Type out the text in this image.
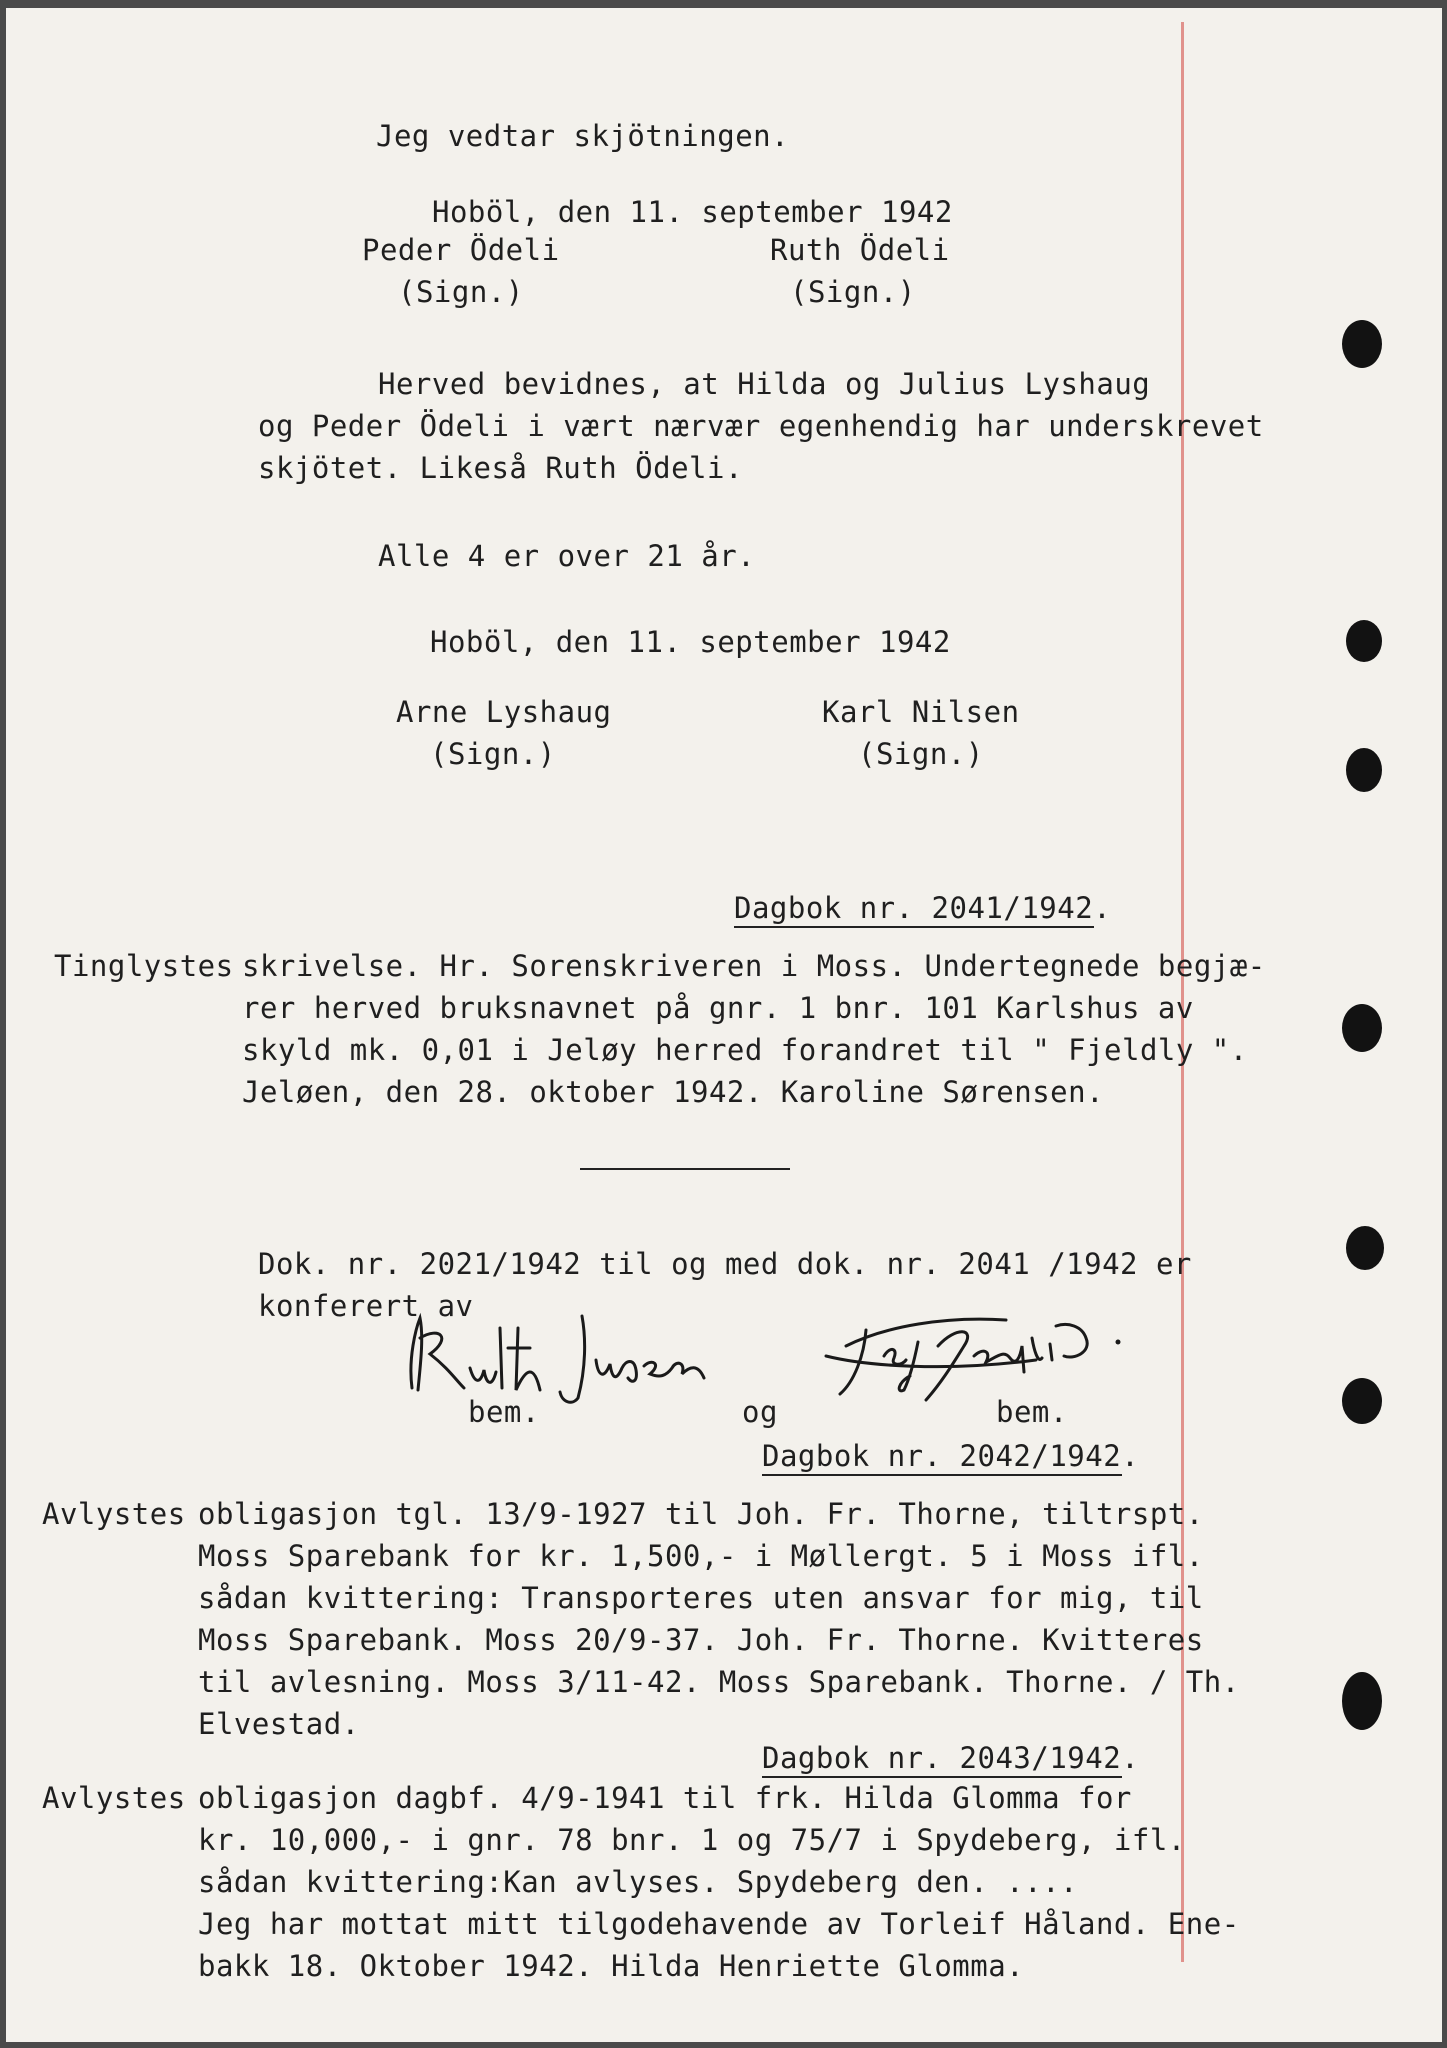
Jeg vedtar skjötningen.
Hoböl, den 11. september 1942
Peder Ödeli
(Sign.)
Ruth Ödeli
(Sign.)
Herved bevidnes, at Hilda og Julius Lyshaug
og Peder Ödeli i vært nærvær egenhendig har underskrevet
skjötet. Likeså Ruth Ödeli.
Alle 4 er over 21 år.
Hoböl, den 11. september 1942
Arne Lyshaug
(Sign.)
Karl Nilsen
(Sign.)
Dagbok nr. 2041/1942.
Tinglystes skrivelse. Hr. Sorenskriveren i Moss. Undertegnede begjæ-
rer herved bruksnavnet på gnr. 1 bnr. 101 Karlshus av
skyld mk. 0,01 i Jeløy herred forandret til " Fjeldly ".
Jeløen, den 28. oktober 1942. Karoline Sørensen.
Dok. nr. 2021/1942 til og med dok. nr. 2041 /1942 er
konferert av
bem.	og	bem.
Dagbok nr. 2042/1942.
Avlystes obligasjon tgl. 13/9-1927 til Joh. Fr. Thorne, tiltrspt.
Moss Sparebank for kr. 1,500,- i Møllergt. 5 i Moss ifl.
sådan kvittering: Transporteres uten ansvar for mig, til
Moss Sparebank. Moss 20/9-37. Joh. Fr. Thorne. Kvitteres
til avlesning. Moss 3/11-42. Moss Sparebank. Thorne. / Th.
Elvestad.
Dagbok nr. 2043/1942.
Avlystes obligasjon dagbf. 4/9-1941 til frk. Hilda Glomma for
kr. 10,000,- i gnr. 78 bnr. 1 og 75/7 i Spydeberg, ifl.
sådan kvittering:Kan avlyses. Spydeberg den. ....
Jeg har mottat mitt tilgodehavende av Torleif Håland. Ene-
bakk 18. Oktober 1942. Hilda Henriette Glomma.
